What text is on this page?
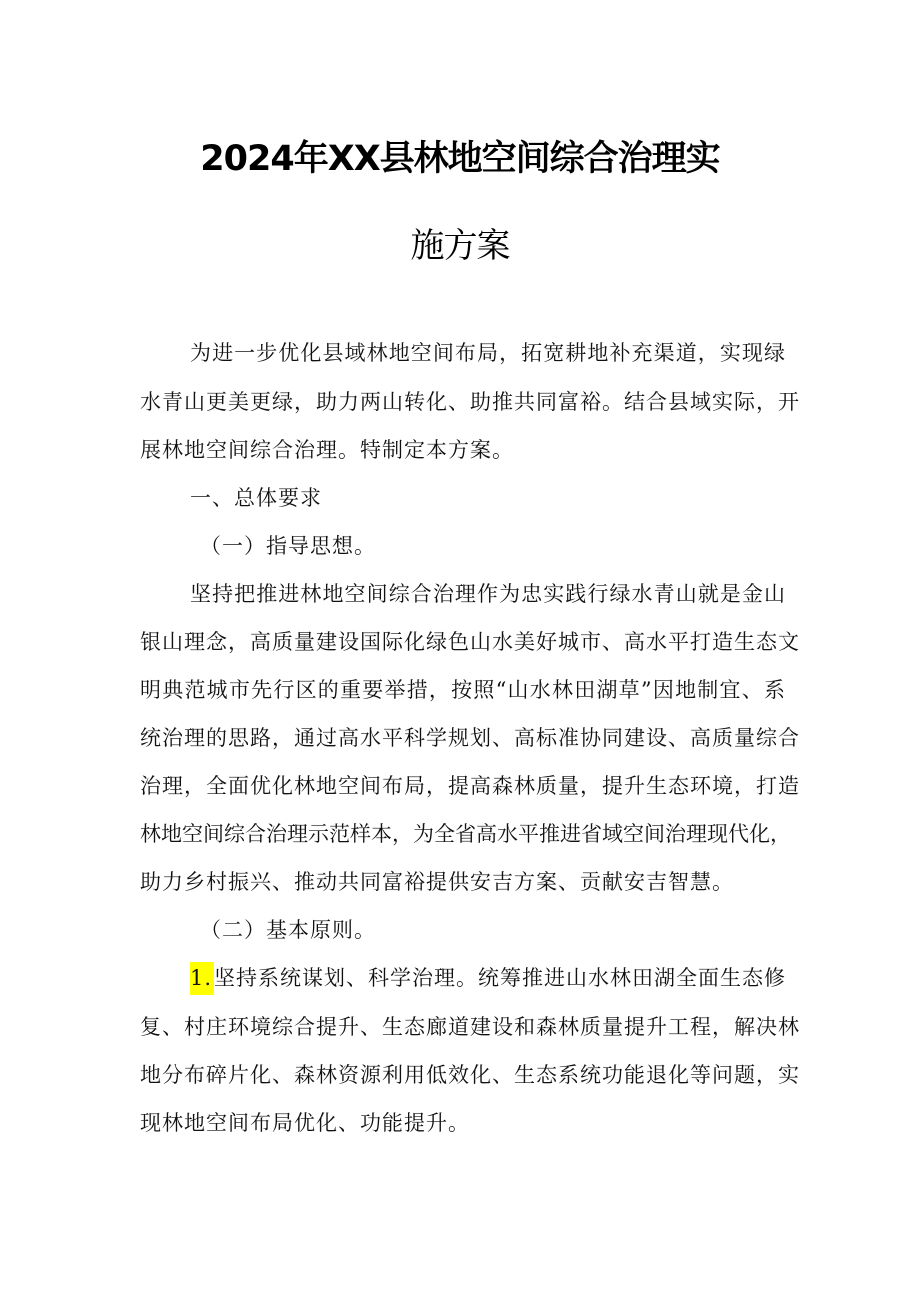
2024年XX县林地空间综合治理实
施方案
为进一步优化县域林地空间布局，拓宽耕地补充渠道，实现绿
水青山更美更绿，助力两山转化、助推共同富裕。结合县域实际，开
展林地空间综合治理。特制定本方案。
一、总体要求
（一）指导思想。
坚持把推进林地空间综合治理作为忠实践行绿水青山就是金山
银山理念，高质量建设国际化绿色山水美好城市、高水平打造生态文
明典范城市先行区的重要举措，按照“山水林田湖草”因地制宜、系
统治理的思路，通过高水平科学规划、高标准协同建设、高质量综合
治理，全面优化林地空间布局，提高森林质量，提升生态环境，打造
林地空间综合治理示范样本，为全省高水平推进省域空间治理现代化，
助力乡村振兴、推动共同富裕提供安吉方案、贡献安吉智慧。
（二）基本原则。
1. 坚持系统谋划、科学治理。统筹推进山水林田湖全面生态修
复、村庄环境综合提升、生态廊道建设和森林质量提升工程，解决林
地分布碎片化、森林资源利用低效化、生态系统功能退化等问题，实
现林地空间布局优化、功能提升。
